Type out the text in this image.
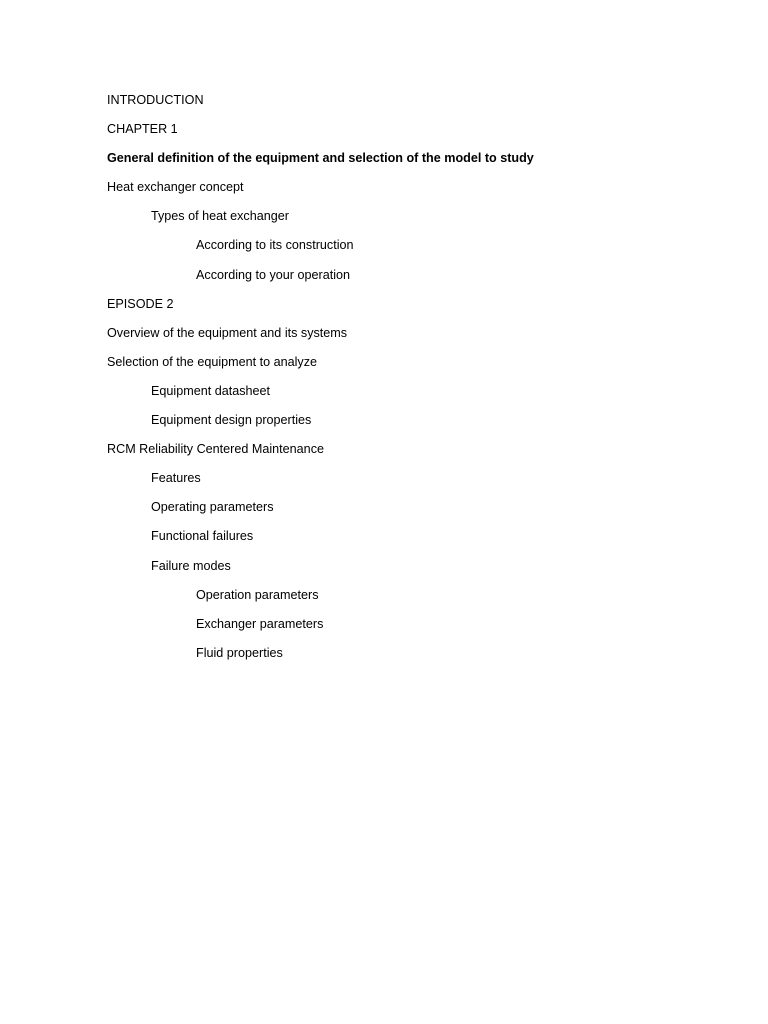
INTRODUCTION
CHAPTER 1
General definition of the equipment and selection of the model to study
Heat exchanger concept
Types of heat exchanger
According to its construction
According to your operation
EPISODE 2
Overview of the equipment and its systems
Selection of the equipment to analyze
Equipment datasheet
Equipment design properties
RCM Reliability Centered Maintenance
Features
Operating parameters
Functional failures
Failure modes
Operation parameters
Exchanger parameters
Fluid properties
